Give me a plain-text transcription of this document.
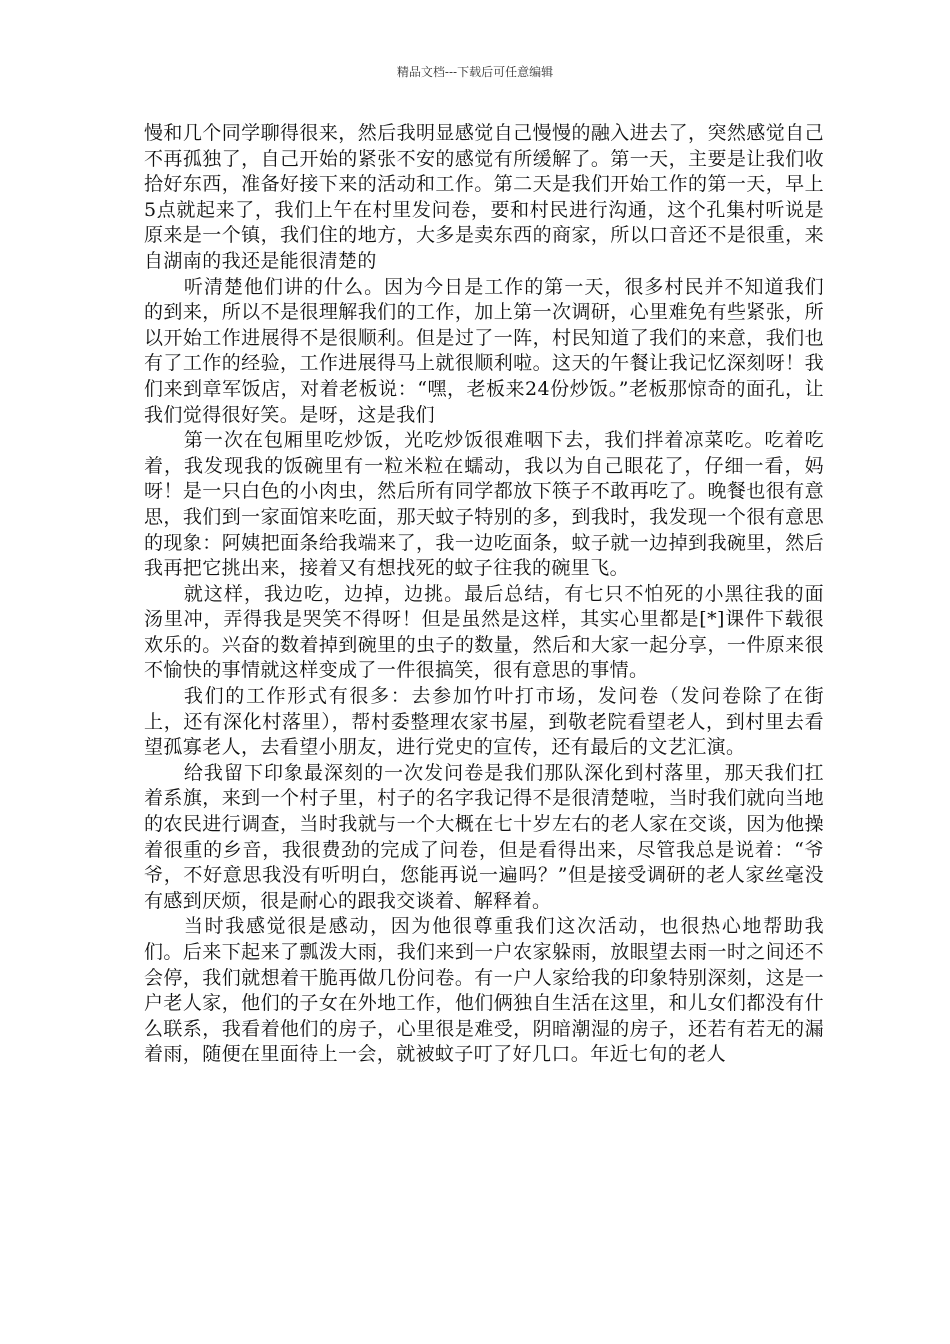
精品文档---下载后可任意编辑

慢和几个同学聊得很来，然后我明显感觉自己慢慢的融入进去了，突然感觉自己不再孤独了，自己开始的紧张不安的感觉有所缓解了。第一天，主要是让我们收拾好东西，准备好接下来的活动和工作。第二天是我们开始工作的第一天，早上5点就起来了，我们上午在村里发问卷，要和村民进行沟通，这个孔集村听说是原来是一个镇，我们住的地方，大多是卖东西的商家，所以口音还不是很重，来自湖南的我还是能很清楚的

听清楚他们讲的什么。因为今日是工作的第一天，很多村民并不知道我们的到来，所以不是很理解我们的工作，加上第一次调研，心里难免有些紧张，所以开始工作进展得不是很顺利。但是过了一阵，村民知道了我们的来意，我们也有了工作的经验，工作进展得马上就很顺利啦。这天的午餐让我记忆深刻呀！我们来到章军饭店，对着老板说：“嘿，老板来24份炒饭。”老板那惊奇的面孔，让我们觉得很好笑。是呀，这是我们

第一次在包厢里吃炒饭，光吃炒饭很难咽下去，我们拌着凉菜吃。吃着吃着，我发现我的饭碗里有一粒米粒在蠕动，我以为自己眼花了，仔细一看，妈呀！是一只白色的小肉虫，然后所有同学都放下筷子不敢再吃了。晚餐也很有意思，我们到一家面馆来吃面，那天蚊子特别的多，到我时，我发现一个很有意思的现象：阿姨把面条给我端来了，我一边吃面条，蚊子就一边掉到我碗里，然后我再把它挑出来，接着又有想找死的蚊子往我的碗里飞。

就这样，我边吃，边掉，边挑。最后总结，有七只不怕死的小黑往我的面汤里冲，弄得我是哭笑不得呀！但是虽然是这样，其实心里都是[*]课件下载很欢乐的。兴奋的数着掉到碗里的虫子的数量，然后和大家一起分享，一件原来很不愉快的事情就这样变成了一件很搞笑，很有意思的事情。

我们的工作形式有很多：去参加竹叶打市场，发问卷（发问卷除了在街上，还有深化村落里），帮村委整理农家书屋，到敬老院看望老人，到村里去看望孤寡老人，去看望小朋友，进行党史的宣传，还有最后的文艺汇演。

给我留下印象最深刻的一次发问卷是我们那队深化到村落里，那天我们扛着系旗，来到一个村子里，村子的名字我记得不是很清楚啦，当时我们就向当地的农民进行调查，当时我就与一个大概在七十岁左右的老人家在交谈，因为他操着很重的乡音，我很费劲的完成了问卷，但是看得出来，尽管我总是说着：“爷爷，不好意思我没有听明白，您能再说一遍吗？”但是接受调研的老人家丝毫没有感到厌烦，很是耐心的跟我交谈着、解释着。

当时我感觉很是感动，因为他很尊重我们这次活动，也很热心地帮助我们。后来下起来了瓢泼大雨，我们来到一户农家躲雨，放眼望去雨一时之间还不会停，我们就想着干脆再做几份问卷。有一户人家给我的印象特别深刻，这是一户老人家，他们的子女在外地工作，他们俩独自生活在这里，和儿女们都没有什么联系，我看着他们的房子，心里很是难受，阴暗潮湿的房子，还若有若无的漏着雨，随便在里面待上一会，就被蚊子叮了好几口。年近七旬的老人
